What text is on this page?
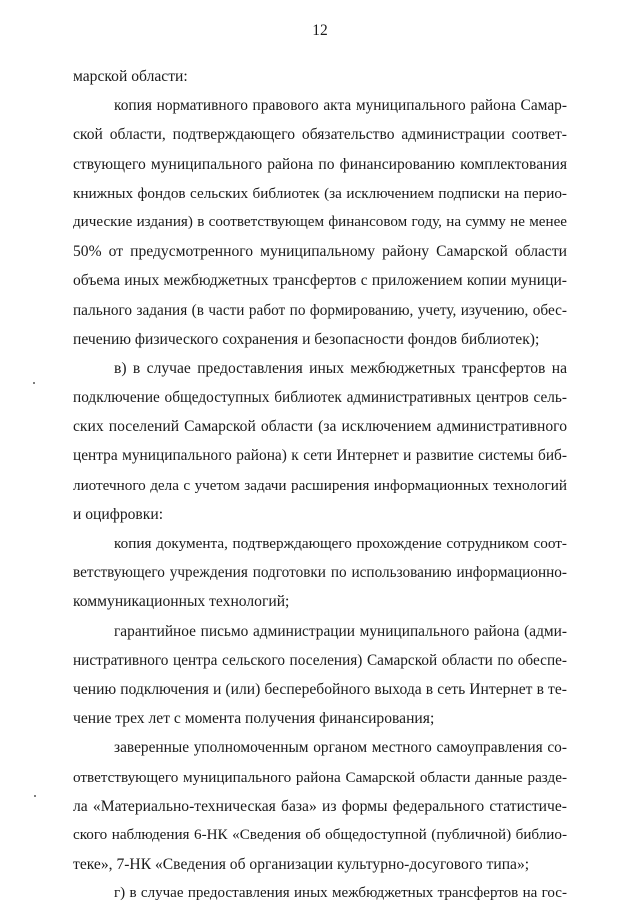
12
марской области:
копия нормативного правового акта муниципального района Самар-
ской области, подтверждающего обязательство администрации соответ-
ствующего муниципального района по финансированию комплектования
книжных фондов сельских библиотек (за исключением подписки на перио-
дические издания) в соответствующем финансовом году, на сумму не менее
50% от предусмотренного муниципальному району Самарской области
объема иных межбюджетных трансфертов с приложением копии муници-
пального задания (в части работ по формированию, учету, изучению, обес-
печению физического сохранения и безопасности фондов библиотек);
в) в случае предоставления иных межбюджетных трансфертов на
подключение общедоступных библиотек административных центров сель-
ских поселений Самарской области (за исключением административного
центра муниципального района) к сети Интернет и развитие системы биб-
лиотечного дела с учетом задачи расширения информационных технологий
и оцифровки:
копия документа, подтверждающего прохождение сотрудником соот-
ветствующего учреждения подготовки по использованию информационно-
коммуникационных технологий;
гарантийное письмо администрации муниципального района (адми-
нистративного центра сельского поселения) Самарской области по обеспе-
чению подключения и (или) бесперебойного выхода в сеть Интернет в те-
чение трех лет с момента получения финансирования;
заверенные уполномоченным органом местного самоуправления со-
ответствующего муниципального района Самарской области данные разде-
ла «Материально-техническая база» из формы федерального статистиче-
ского наблюдения 6-НК «Сведения об общедоступной (публичной) библио-
теке», 7-НК «Сведения об организации культурно-досугового типа»;
г) в случае предоставления иных межбюджетных трансфертов на гос-
